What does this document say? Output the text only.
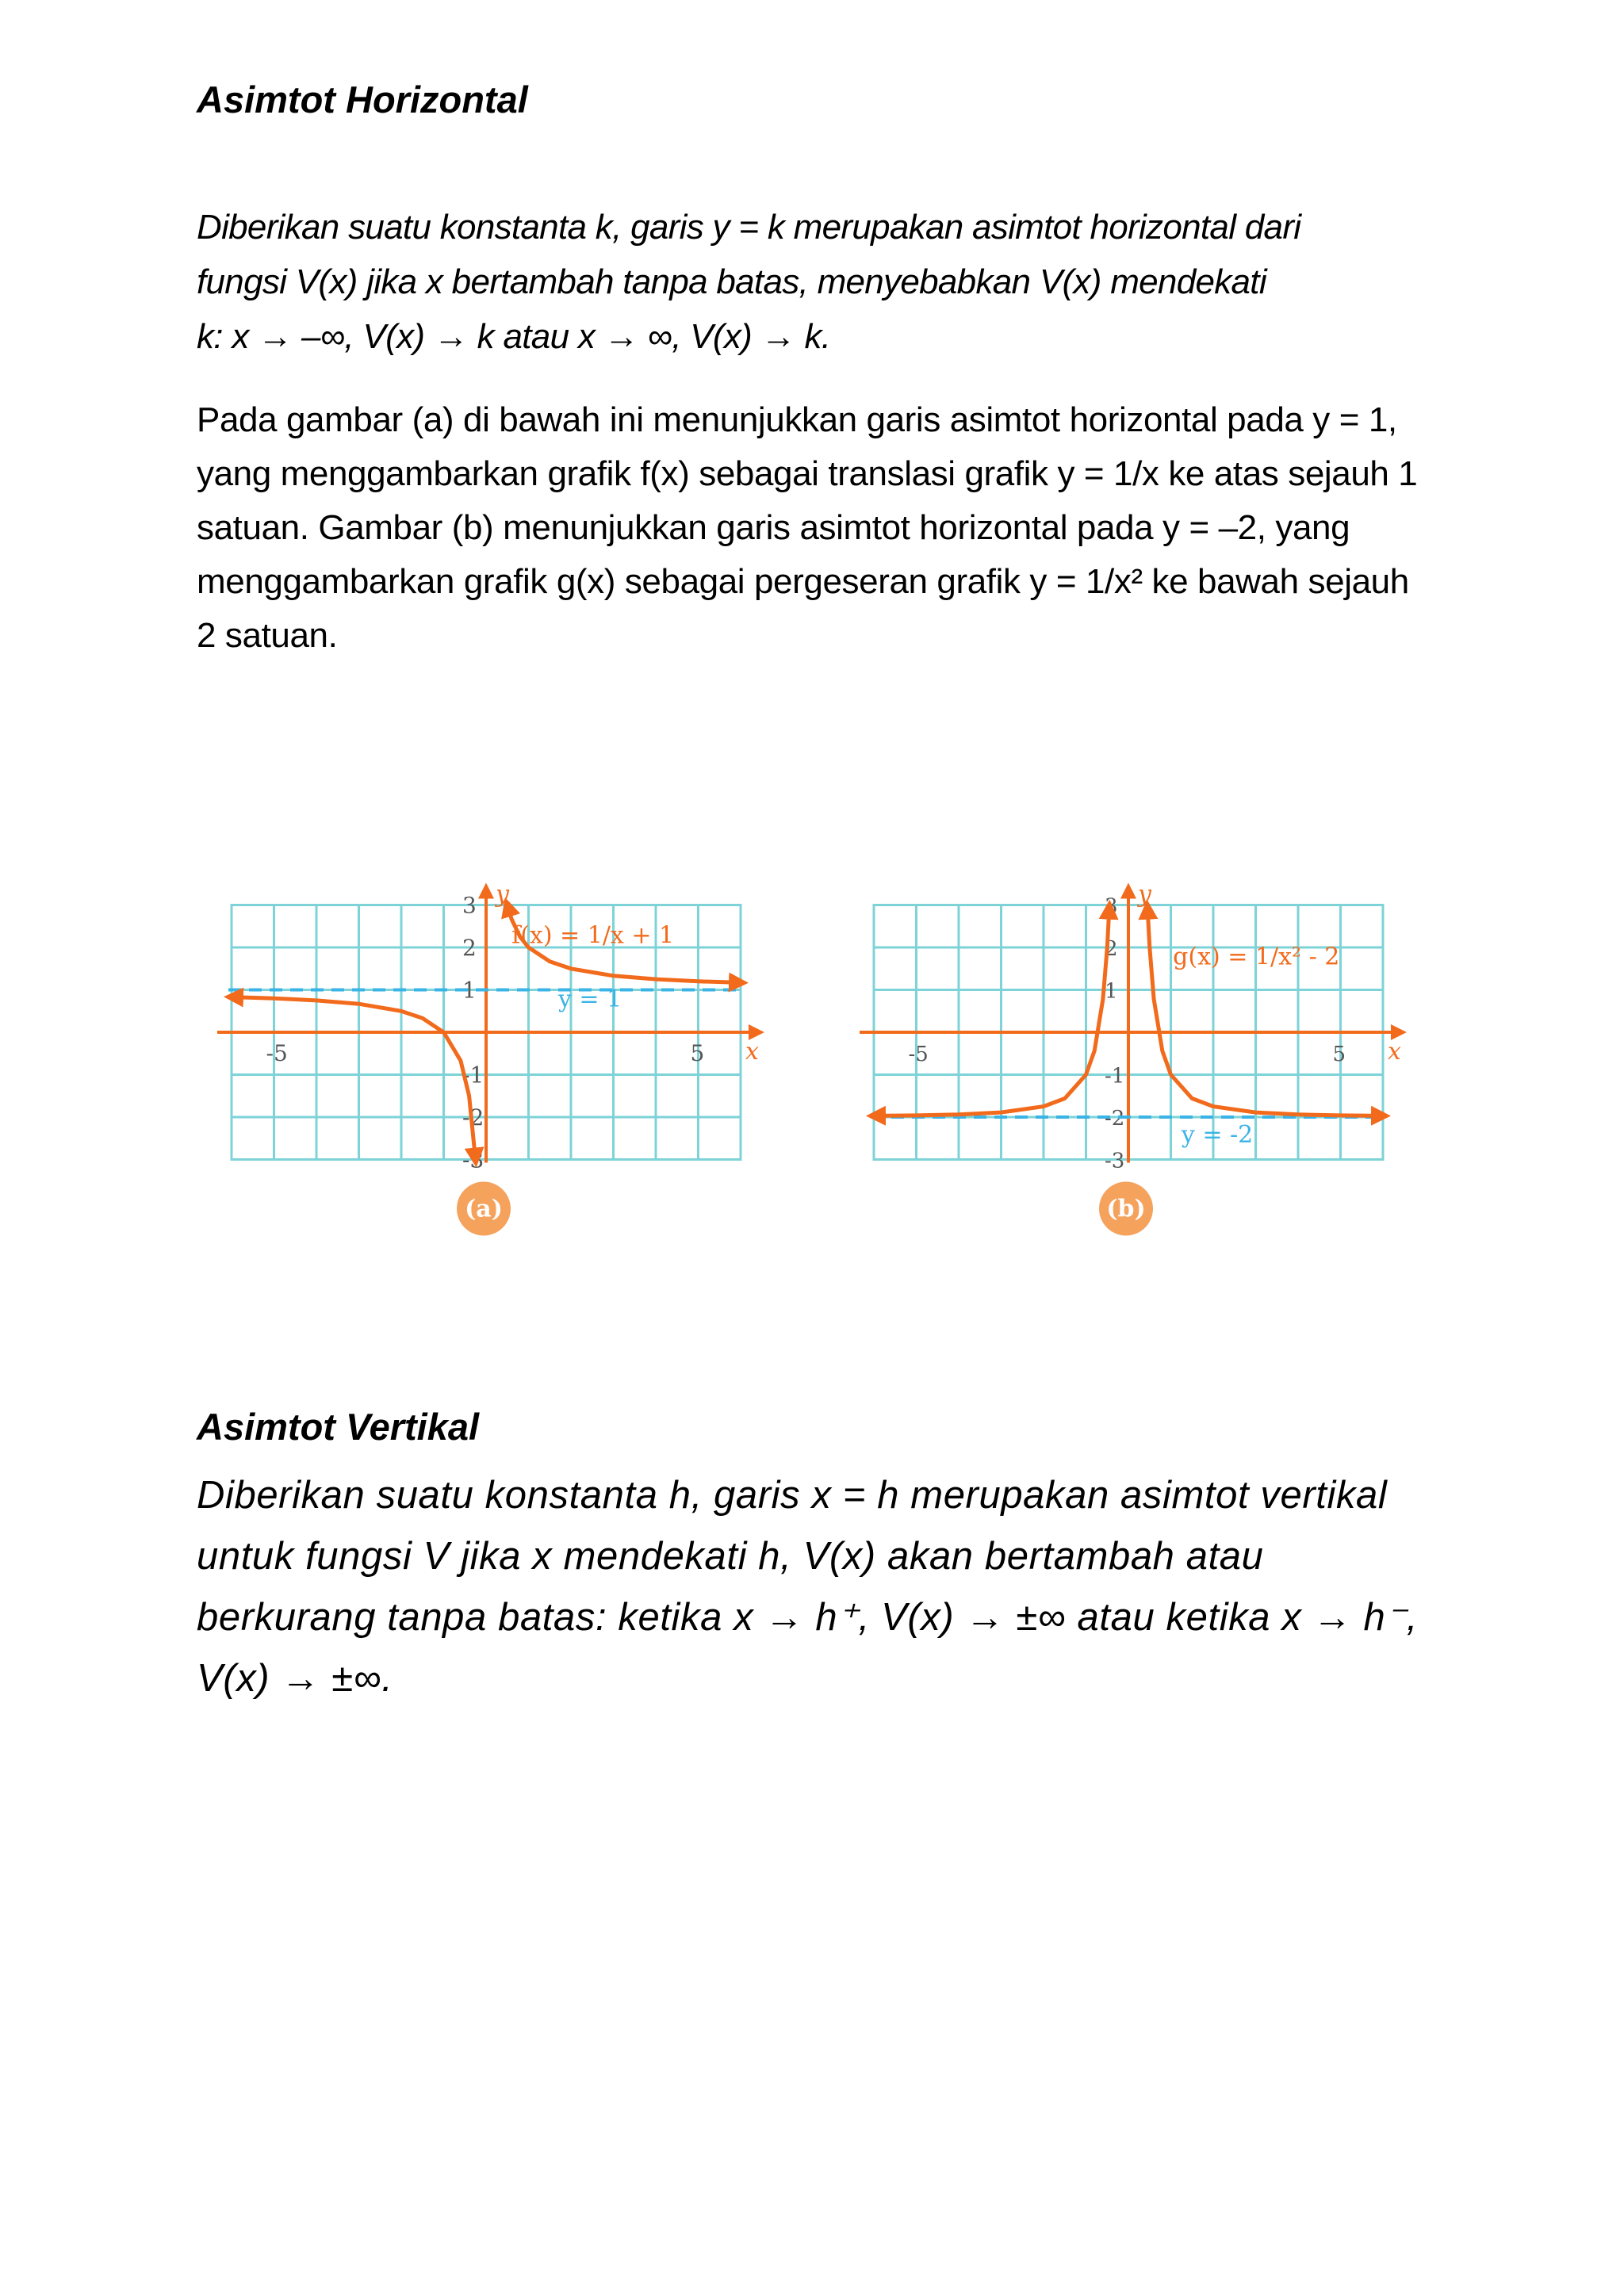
Asimtot Horizontal

Diberikan suatu konstanta k, garis y = k merupakan asimtot horizontal dari
fungsi V(x) jika x bertambah tanpa batas, menyebabkan V(x) mendekati
k: x → –∞, V(x) → k atau x → ∞, V(x) → k.

Pada gambar (a) di bawah ini menunjukkan garis asimtot horizontal pada y = 1,
yang menggambarkan grafik f(x) sebagai translasi grafik y = 1/x ke atas sejauh 1
satuan. Gambar (b) menunjukkan garis asimtot horizontal pada y = –2, yang
menggambarkan grafik g(x) sebagai pergeseran grafik y = 1/x² ke bawah sejauh
2 satuan.

x
y
-5	5
3
2
1
-1
-2
-3
f(x) = 1/x + 1
y = 1
(a)
x
y
-5	5
3
2
1
-1
-2
-3
g(x) = 1/x² - 2
y = -2
(b)
Asimtot Vertikal

Diberikan suatu konstanta h, garis x = h merupakan asimtot vertikal
untuk fungsi V jika x mendekati h, V(x) akan bertambah atau
berkurang tanpa batas: ketika x → h⁺, V(x) → ±∞ atau ketika x → h⁻,
V(x) → ±∞.
